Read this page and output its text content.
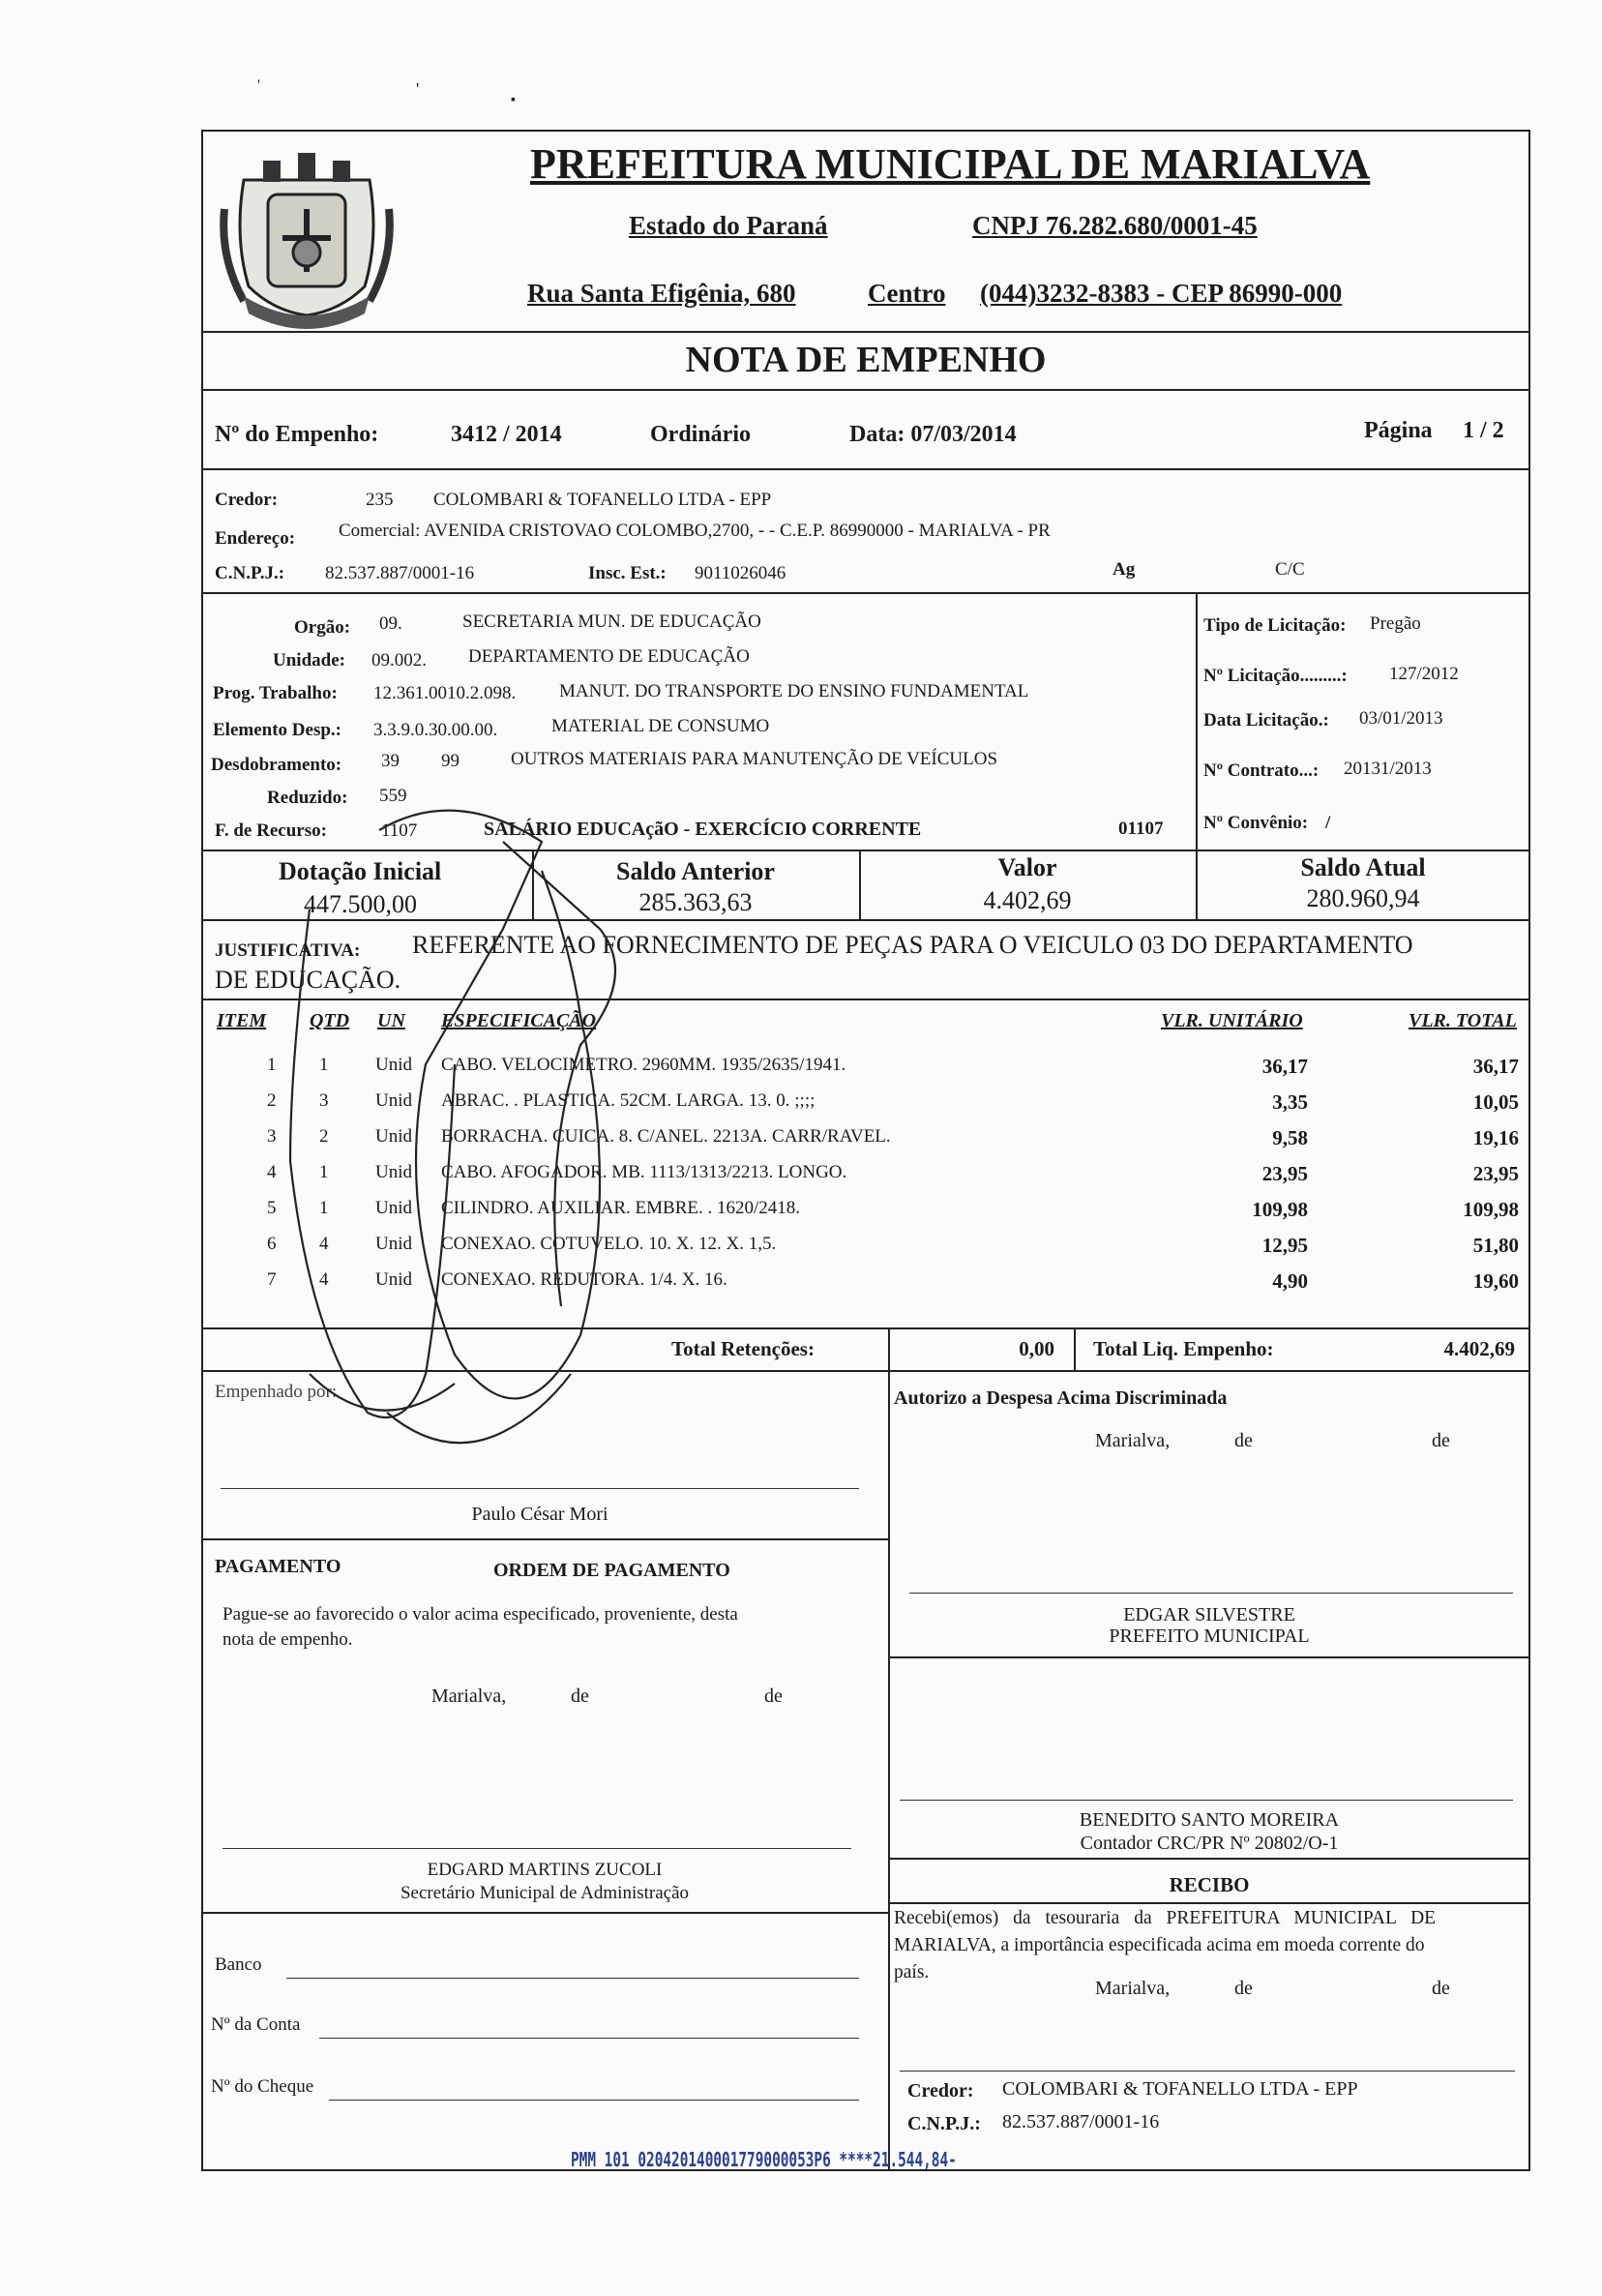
'	'
▪
PREFEITURA MUNICIPAL DE MARIALVA
Estado do Paraná	CNPJ 76.282.680/0001-45
Rua Santa Efigênia, 680	Centro (044)3232-8383 - CEP 86990-000
NOTA DE EMPENHO
Nº do Empenho:	3412 / 2014	Ordinário	Data: 07/03/2014	Página 1 / 2
Credor:	235 COLOMBARI & TOFANELLO LTDA - EPP
Endereço: Comercial: AVENIDA CRISTOVAO COLOMBO,2700, - - C.E.P. 86990000 - MARIALVA - PR
C.N.P.J.: 82.537.887/0001-16	Insc. Est.: 9011026046	Ag	C/C
Orgão: 09.	SECRETARIA MUN. DE EDUCAÇÃO
Unidade: 09.002. DEPARTAMENTO DE EDUCAÇÃO
Prog. Trabalho: 12.361.0010.2.098. MANUT. DO TRANSPORTE DO ENSINO FUNDAMENTAL
Elemento Desp.: 3.3.9.0.30.00.00.	MATERIAL DE CONSUMO
Desdobramento: 39 99	OUTROS MATERIAIS PARA MANUTENÇÃO DE VEÍCULOS
Reduzido: 559
F. de Recurso:	1107	SALÁRIO EDUCAçãO - EXERCÍCIO CORRENTE	01107
Tipo de Licitação: Pregão
Nº Licitação.........: 127/2012
Data Licitação.: 03/01/2013
Nº Contrato...: 20131/2013
Nº Convênio: /
Dotação Inicial
447.500,00
Saldo Anterior
285.363,63
Valor
4.402,69
Saldo Atual
280.960,94
JUSTIFICATIVA: REFERENTE AO FORNECIMENTO DE PEÇAS PARA O VEICULO 03 DO DEPARTAMENTO
DE EDUCAÇÃO.
ITEM QTD UN ESPECIFICAÇÃO	VLR. UNITÁRIO	VLR. TOTAL
1 1	Unid CABO. VELOCIMETRO. 2960MM. 1935/2635/1941.	36,17	36,17
2 3	Unid ABRAC. . PLASTICA. 52CM. LARGA. 13. 0. ;;;;	3,35	10,05
3 2	Unid BORRACHA. CUICA. 8. C/ANEL. 2213A. CARR/RAVEL.	9,58	19,16
4 1	Unid CABO. AFOGADOR. MB. 1113/1313/2213. LONGO.	23,95	23,95
5 1	Unid CILINDRO. AUXILIAR. EMBRE. . 1620/2418.	109,98	109,98
6 4	Unid CONEXAO. COTUVELO. 10. X. 12. X. 1,5.	12,95	51,80
7 4	Unid CONEXAO. REDUTORA. 1/4. X. 16.	4,90	19,60
Total Retenções:	0,00 Total Liq. Empenho:	4.402,69
Empenhado por:
Paulo César Mori
Autorizo a Despesa Acima Discriminada
Marialva,	de	de
PAGAMENTO	ORDEM DE PAGAMENTO
Pague-se ao favorecido o valor acima especificado, proveniente, desta
nota de empenho.
Marialva,	de	de
EDGAR SILVESTRE
PREFEITO MUNICIPAL
BENEDITO SANTO MOREIRA
Contador CRC/PR Nº 20802/O-1
EDGARD MARTINS ZUCOLI
Secretário Municipal de Administração
Banco
Nº da Conta
Nº do Cheque
RECIBO
Recebi(emos) da tesouraria da PREFEITURA MUNICIPAL DE
MARIALVA, a importância especificada acima em moeda corrente do
país.
Marialva,	de	de
Credor: COLOMBARI & TOFANELLO LTDA - EPP
C.N.P.J.: 82.537.887/0001-16
PMM 101 020420140001779000053P6 ****21.544,84-
